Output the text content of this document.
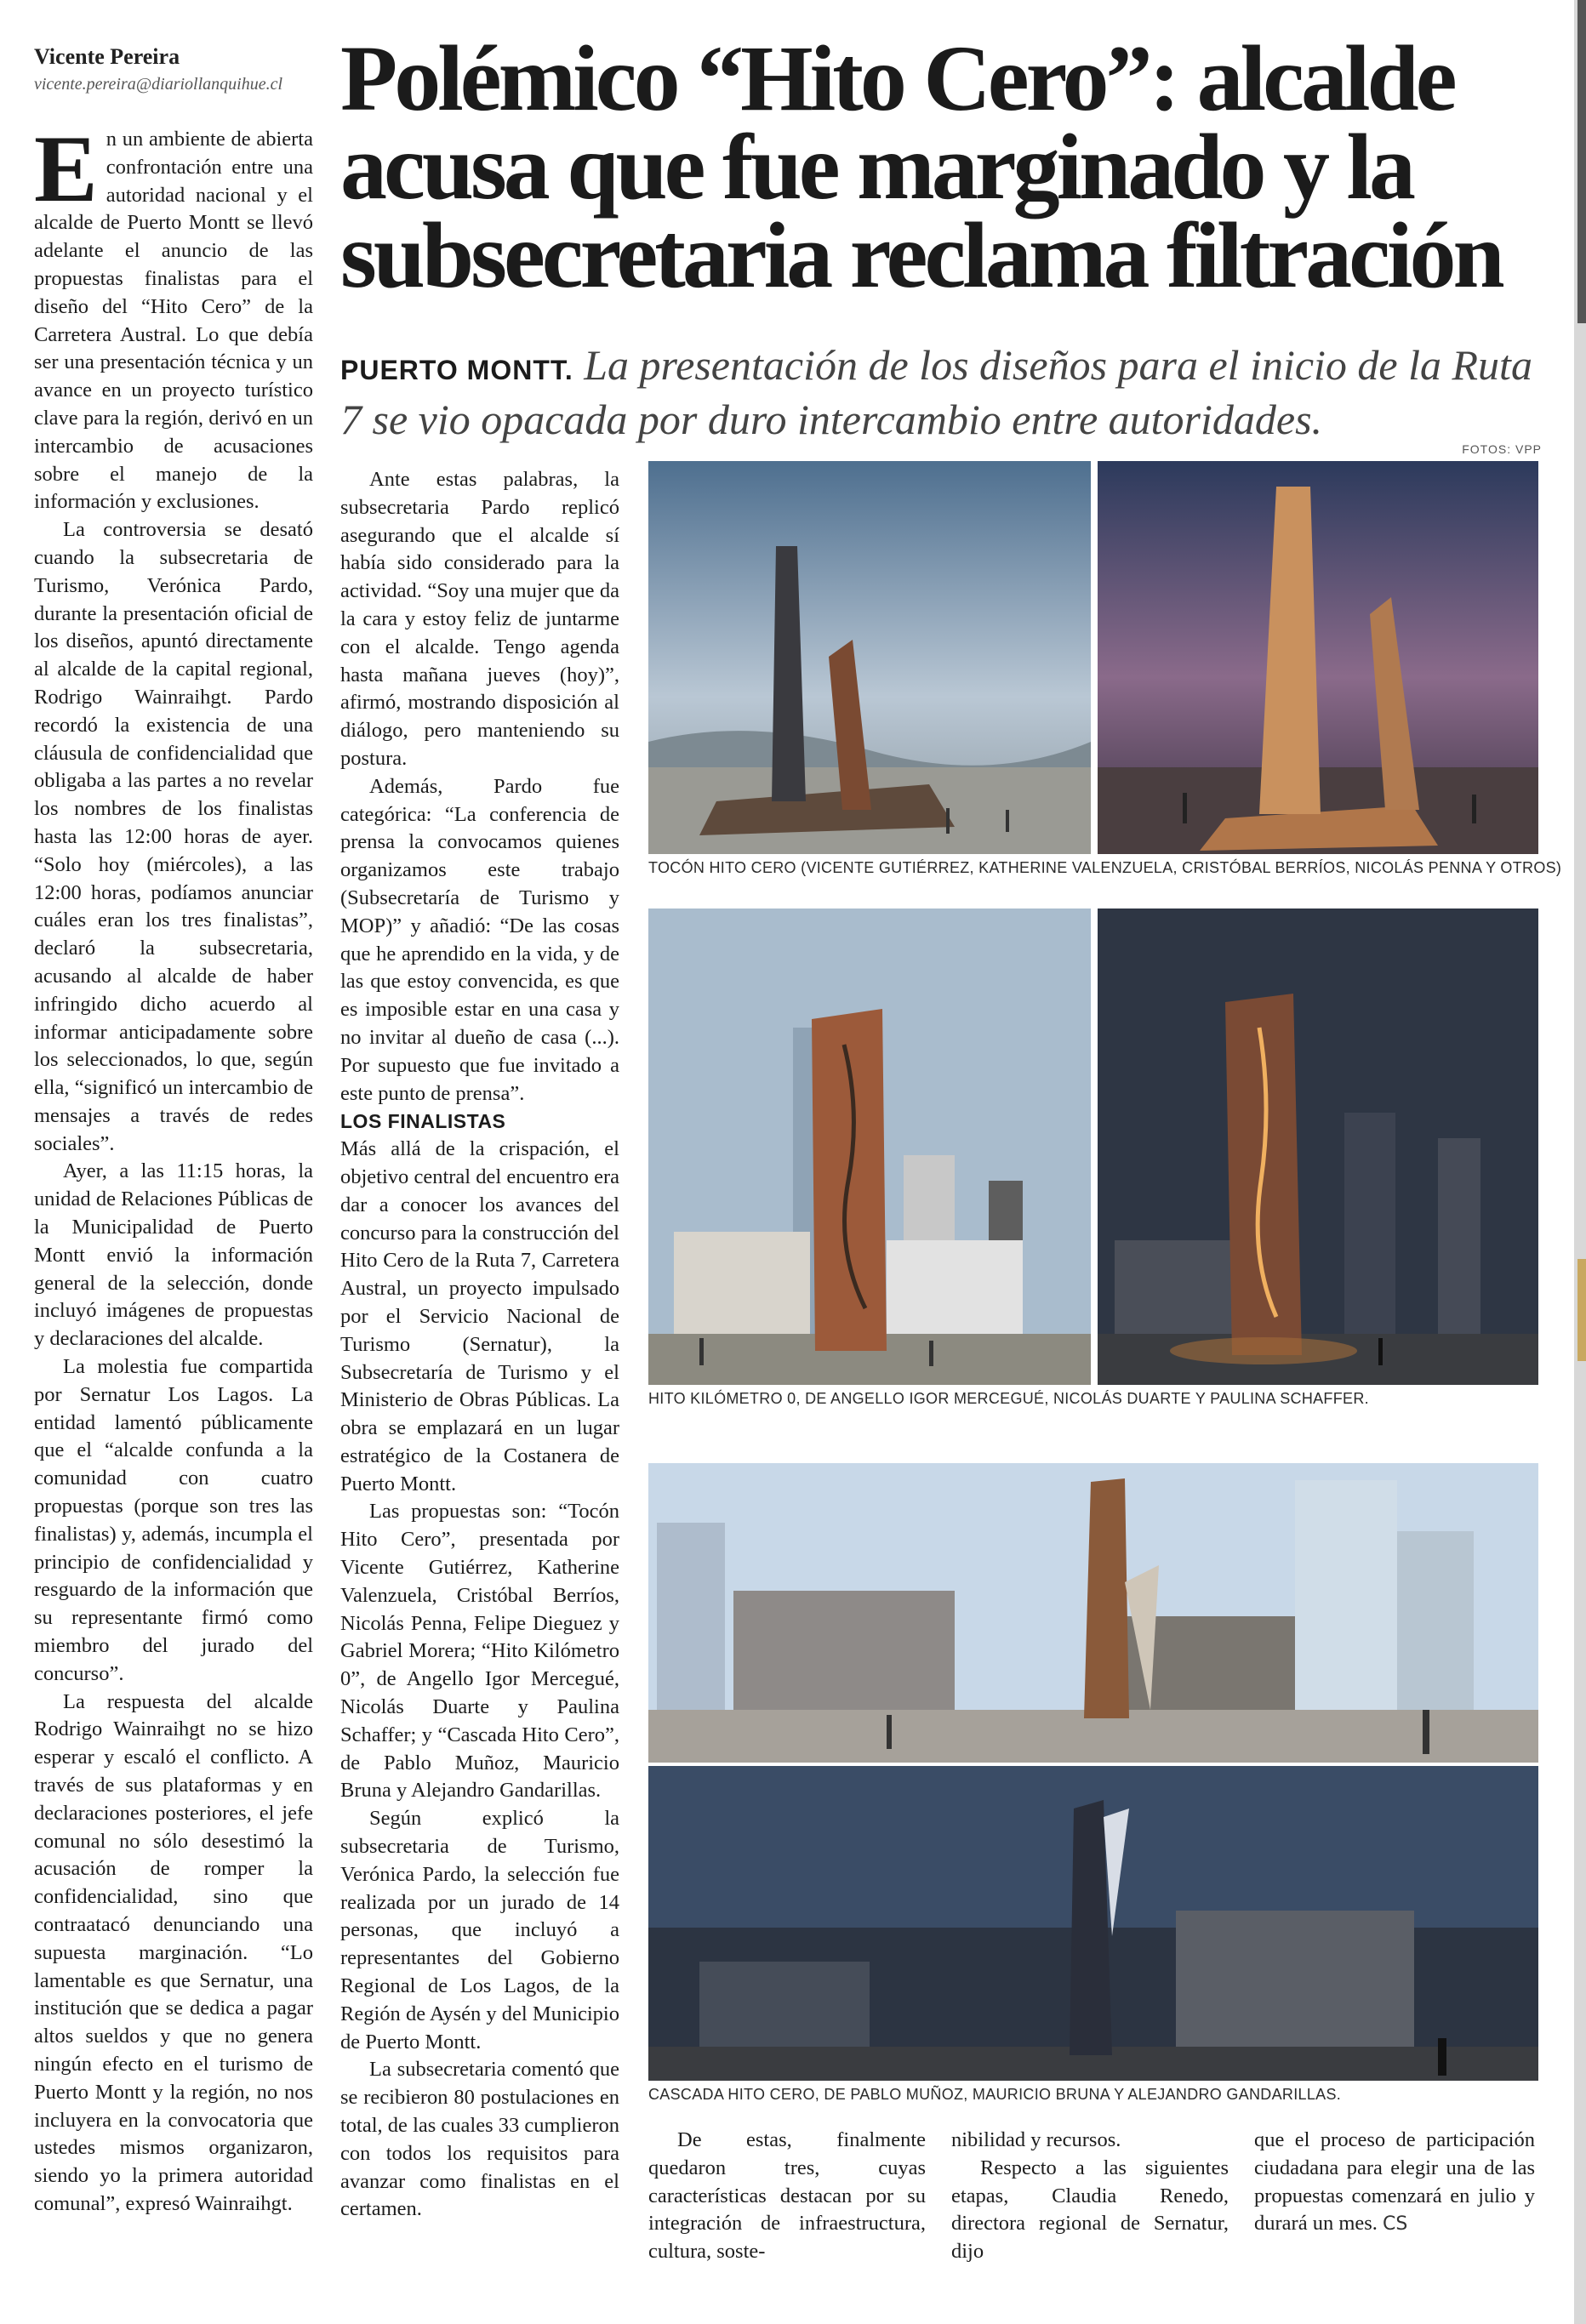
Vicente Pereira
vicente.pereira@diariollanquihue.cl Polémico “Hito Cero”: alcalde acusa que fue marginado y la subsecretaria reclama filtración
PUERTO MONTT. La presentación de los diseños para el inicio de la Ruta 7 se vio opacada por duro intercambio entre autoridades.
FOTOS: VPP

En un ambiente de abierta confrontación entre una autoridad nacional y el alcalde de Puerto Montt se llevó adelante el anuncio de las propuestas finalistas para el diseño del “Hito Cero” de la Carretera Austral. Lo que debía ser una presentación técnica y un avance en un proyecto turístico clave para la región, derivó en un intercambio de acusaciones sobre el manejo de la información y exclusiones.

La controversia se desató cuando la subsecretaria de Turismo, Verónica Pardo, durante la presentación oficial de los diseños, apuntó directamente al alcalde de la capital regional, Rodrigo Wainraihgt. Pardo recordó la existencia de una cláusula de confidencialidad que obligaba a las partes a no revelar los nombres de los finalistas hasta las 12:00 horas de ayer. “Solo hoy (miércoles), a las 12:00 horas, podíamos anunciar cuáles eran los tres finalistas”, declaró la subsecretaria, acusando al alcalde de haber infringido dicho acuerdo al informar anticipadamente sobre los seleccionados, lo que, según ella, “significó un intercambio de mensajes a través de redes sociales”.

Ayer, a las 11:15 horas, la unidad de Relaciones Públicas de la Municipalidad de Puerto Montt envió la información general de la selección, donde incluyó imágenes de propuestas y declaraciones del alcalde.

La molestia fue compartida por Sernatur Los Lagos. La entidad lamentó públicamente que el “alcalde confunda a la comunidad con cuatro propuestas (porque son tres las finalistas) y, además, incumpla el principio de confidencialidad y resguardo de la información que su representante firmó como miembro del jurado del concurso”.

La respuesta del alcalde Rodrigo Wainraihgt no se hizo esperar y escaló el conflicto. A través de sus plataformas y en declaraciones posteriores, el jefe comunal no sólo desestimó la acusación de romper la confidencialidad, sino que contraatacó denunciando una supuesta marginación. “Lo lamentable es que Sernatur, una institución que se dedica a pagar altos sueldos y que no genera ningún efecto en el turismo de Puerto Montt y la región, no nos incluyera en la convocatoria que ustedes mismos organizaron, siendo yo la primera autoridad comunal”, expresó Wainraihgt.

Ante estas palabras, la subsecretaria Pardo replicó asegurando que el alcalde sí había sido considerado para la actividad. “Soy una mujer que da la cara y estoy feliz de juntarme con el alcalde. Tengo agenda hasta mañana jueves (hoy)”, afirmó, mostrando disposición al diálogo, pero manteniendo su postura.

Además, Pardo fue categórica: “La conferencia de prensa la convocamos quienes organizamos este trabajo (Subsecretaría de Turismo y MOP)” y añadió: “De las cosas que he aprendido en la vida, y de las que estoy convencida, es que es imposible estar en una casa y no invitar al dueño de casa (...). Por supuesto que fue invitado a este punto de prensa”.

LOS FINALISTAS

Más allá de la crispación, el objetivo central del encuentro era dar a conocer los avances del concurso para la construcción del Hito Cero de la Ruta 7, Carretera Austral, un proyecto impulsado por el Servicio Nacional de Turismo (Sernatur), la Subsecretaría de Turismo y el Ministerio de Obras Públicas. La obra se emplazará en un lugar estratégico de la Costanera de Puerto Montt.

Las propuestas son: “Tocón Hito Cero”, presentada por Vicente Gutiérrez, Katherine Valenzuela, Cristóbal Berríos, Nicolás Penna, Felipe Dieguez y Gabriel Morera; “Hito Kilómetro 0”, de Angello Igor Mercegué, Nicolás Duarte y Paulina Schaffer; y “Cascada Hito Cero”, de Pablo Muñoz, Mauricio Bruna y Alejandro Gandarillas.

Según explicó la subsecretaria de Turismo, Verónica Pardo, la selección fue realizada por un jurado de 14 personas, que incluyó a representantes del Gobierno Regional de Los Lagos, de la Región de Aysén y del Municipio de Puerto Montt.

La subsecretaria comentó que se recibieron 80 postulaciones en total, de las cuales 33 cumplieron con todos los requisitos para avanzar como finalistas en el certamen.

TOCÓN HITO CERO (VICENTE GUTIÉRREZ, KATHERINE VALENZUELA, CRISTÓBAL BERRÍOS, NICOLÁS PENNA Y OTROS)
HITO KILÓMETRO 0, DE ANGELLO IGOR MERCEGUÉ, NICOLÁS DUARTE Y PAULINA SCHAFFER.
CASCADA HITO CERO, DE PABLO MUÑOZ, MAURICIO BRUNA Y ALEJANDRO GANDARILLAS.

De estas, finalmente quedaron tres, cuyas características destacan por su integración de infraestructura, cultura, soste-

nibilidad y recursos.

Respecto a las siguientes etapas, Claudia Renedo, directora regional de Sernatur, dijo

que el proceso de participación ciudadana para elegir una de las propuestas comenzará en julio y durará un mes. CS
